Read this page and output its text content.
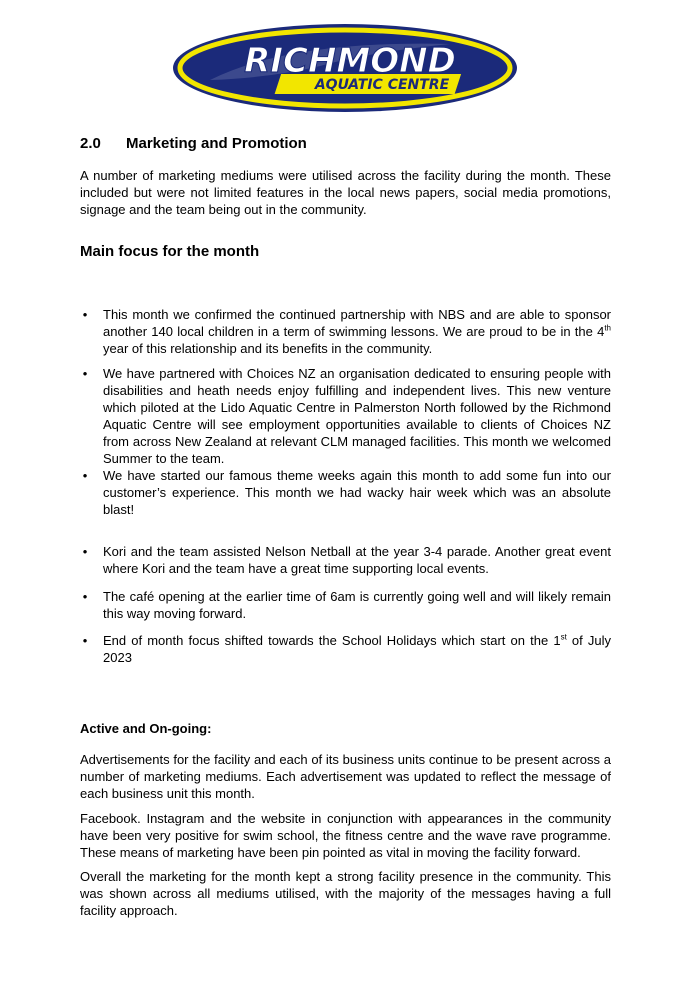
RICHMOND
AQUATIC CENTRE
2.0 Marketing and Promotion
A number of marketing mediums were utilised across the facility during the month. These included but were not limited features in the local news papers, social media promotions, signage and the team being out in the community.
Main focus for the month
• This month we confirmed the continued partnership with NBS and are able to sponsor another 140 local children in a term of swimming lessons. We are proud to be in the 4th year of this relationship and its benefits in the community.
• We have partnered with Choices NZ an organisation dedicated to ensuring people with disabilities and heath needs enjoy fulfilling and independent lives. This new venture which piloted at the Lido Aquatic Centre in Palmerston North followed by the Richmond Aquatic Centre will see employment opportunities available to clients of Choices NZ from across New Zealand at relevant CLM managed facilities. This month we welcomed Summer to the team.
• We have started our famous theme weeks again this month to add some fun into our customer’s experience. This month we had wacky hair week which was an absolute blast!
• Kori and the team assisted Nelson Netball at the year 3-4 parade. Another great event where Kori and the team have a great time supporting local events.
• The café opening at the earlier time of 6am is currently going well and will likely remain this way moving forward.
• End of month focus shifted towards the School Holidays which start on the 1st of July 2023
Active and On-going:
Advertisements for the facility and each of its business units continue to be present across a number of marketing mediums. Each advertisement was updated to reflect the message of each business unit this month.
Facebook. Instagram and the website in conjunction with appearances in the community have been very positive for swim school, the fitness centre and the wave rave programme. These means of marketing have been pin pointed as vital in moving the facility forward.
Overall the marketing for the month kept a strong facility presence in the community. This was shown across all mediums utilised, with the majority of the messages having a full facility approach.
